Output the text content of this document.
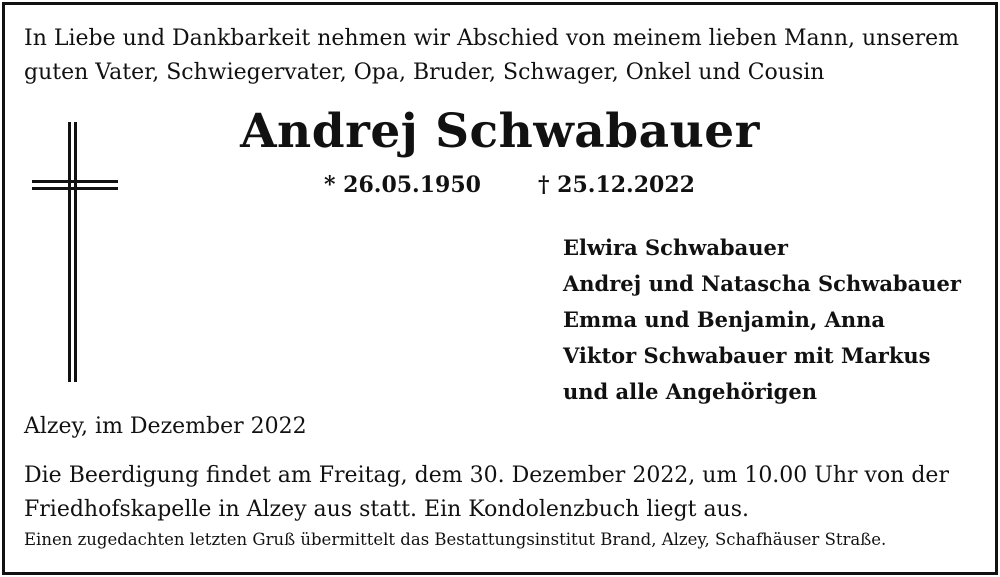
In Liebe und Dankbarkeit nehmen wir Abschied von meinem lieben Mann, unserem

guten Vater, Schwiegervater, Opa, Bruder, Schwager, Onkel und Cousin

Andrej Schwabauer

* 26.05.1950	† 25.12.2022

Elwira Schwabauer
Andrej und Natascha Schwabauer
Emma und Benjamin, Anna
Viktor Schwabauer mit Markus
und alle Angehörigen

Alzey, im Dezember 2022

Die Beerdigung findet am Freitag, dem 30. Dezember 2022, um 10.00 Uhr von der

Friedhofskapelle in Alzey aus statt. Ein Kondolenzbuch liegt aus.

Einen zugedachten letzten Gruß übermittelt das Bestattungsinstitut Brand, Alzey, Schafhäuser Straße.
